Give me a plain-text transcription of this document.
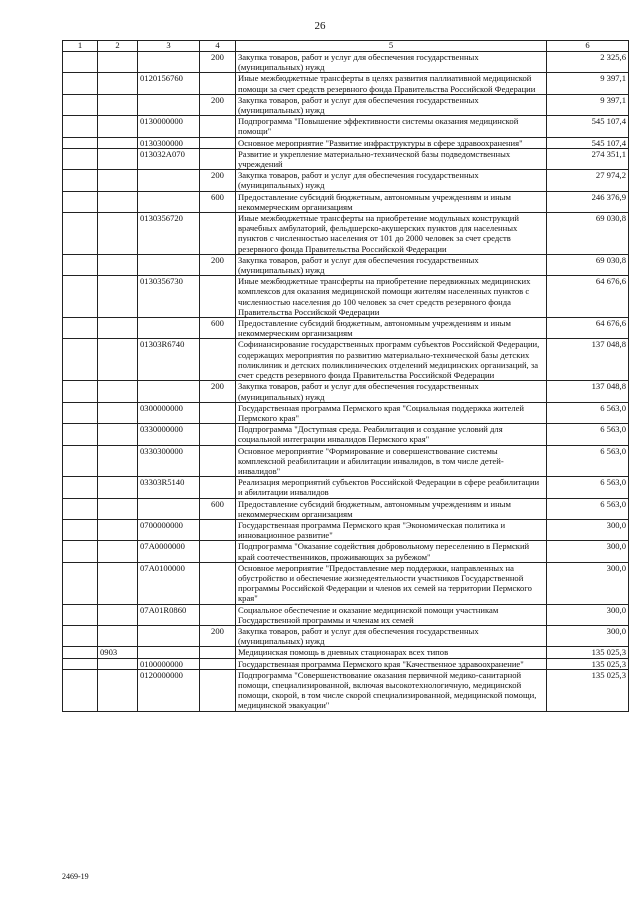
26
1	2	3	4	5	6
			200	Закупка товаров, работ и услуг для обеспечения государственных (муниципальных) нужд	2 325,6
		0120156760		Иные межбюджетные трансферты в целях развития паллиативной медицинской помощи за счет средств резервного фонда Правительства Российской Федерации	9 397,1
			200	Закупка товаров, работ и услуг для обеспечения государственных (муниципальных) нужд	9 397,1
		0130000000		Подпрограмма "Повышение эффективности системы оказания медицинской помощи"	545 107,4
		0130300000		Основное мероприятие "Развитие инфраструктуры в сфере здравоохранения"	545 107,4
		013032A070		Развитие и укрепление материально-технической базы подведомственных учреждений	274 351,1
			200	Закупка товаров, работ и услуг для обеспечения государственных (муниципальных) нужд	27 974,2
			600	Предоставление субсидий бюджетным, автономным учреждениям и иным некоммерческим организациям	246 376,9
		0130356720		Иные межбюджетные трансферты на приобретение модульных конструкций врачебных амбулаторий, фельдшерско-акушерских пунктов для населенных пунктов с численностью населения от 101 до 2000 человек за счет средств резервного фонда Правительства Российской Федерации	69 030,8
			200	Закупка товаров, работ и услуг для обеспечения государственных (муниципальных) нужд	69 030,8
		0130356730		Иные межбюджетные трансферты на приобретение передвижных медицинских комплексов для оказания медицинской помощи жителям населенных пунктов с численностью населения до 100 человек за счет средств резервного фонда Правительства Российской Федерации	64 676,6
			600	Предоставление субсидий бюджетным, автономным учреждениям и иным некоммерческим организациям	64 676,6
		01303R6740		Софинансирование государственных программ субъектов Российской Федерации, содержащих мероприятия по развитию материально-технической базы детских поликлиник и детских поликлинических отделений медицинских организаций, за счет средств резервного фонда Правительства Российской Федерации	137 048,8
			200	Закупка товаров, работ и услуг для обеспечения государственных (муниципальных) нужд	137 048,8
		0300000000		Государственная программа Пермского края "Социальная поддержка жителей Пермского края"	6 563,0
		0330000000		Подпрограмма "Доступная среда. Реабилитация и создание условий для социальной интеграции инвалидов Пермского края"	6 563,0
		0330300000		Основное мероприятие "Формирование и совершенствование системы комплексной реабилитации и абилитации инвалидов, в том числе детей-инвалидов"	6 563,0
		03303R5140		Реализация мероприятий субъектов Российской Федерации в сфере реабилитации и абилитации инвалидов	6 563,0
			600	Предоставление субсидий бюджетным, автономным учреждениям и иным некоммерческим организациям	6 563,0
		0700000000		Государственная программа Пермского края "Экономическая политика и инновационное развитие"	300,0
		07A0000000		Подпрограмма "Оказание содействия добровольному переселению в Пермский край соотечественников, проживающих за рубежом"	300,0
		07A0100000		Основное мероприятие "Предоставление мер поддержки, направленных на обустройство и обеспечение жизнедеятельности участников Государственной программы Российской Федерации и членов их семей на территории Пермского края"	300,0
		07A01R0860		Социальное обеспечение и оказание медицинской помощи участникам Государственной программы и членам их семей	300,0
			200	Закупка товаров, работ и услуг для обеспечения государственных (муниципальных) нужд	300,0
	0903			Медицинская помощь в дневных стационарах всех типов	135 025,3
		0100000000		Государственная программа Пермского края "Качественное здравоохранение"	135 025,3
		0120000000		Подпрограмма "Совершенствование оказания первичной медико-санитарной помощи, специализированной, включая высокотехнологичную, медицинской помощи, скорой, в том числе скорой специализированной, медицинской помощи, медицинской эвакуации"	135 025,3
2469-19
